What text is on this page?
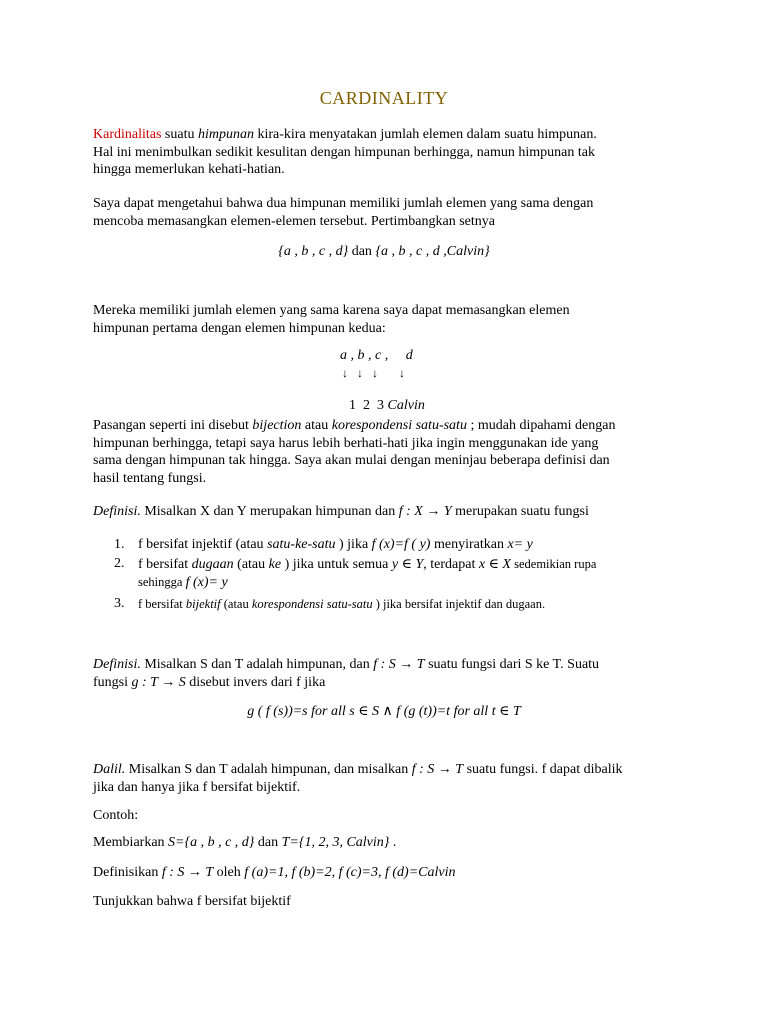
CARDINALITY
Kardinalitas suatu himpunan kira-kira menyatakan jumlah elemen dalam suatu himpunan.
Hal ini menimbulkan sedikit kesulitan dengan himpunan berhingga, namun himpunan tak
hingga memerlukan kehati-hatian.
Saya dapat mengetahui bahwa dua himpunan memiliki jumlah elemen yang sama dengan
mencoba memasangkan elemen-elemen tersebut. Pertimbangkan setnya
{a , b , c , d} dan {a , b , c , d ,Calvin}
Mereka memiliki jumlah elemen yang sama karena saya dapat memasangkan elemen
himpunan pertama dengan elemen himpunan kedua:
a , b , c ,     d
↓   ↓   ↓       ↓

1  2  3 Calvin

Pasangan seperti ini disebut bijection atau korespondensi satu-satu ; mudah dipahami dengan
himpunan berhingga, tetapi saya harus lebih berhati-hati jika ingin menggunakan ide yang
sama dengan himpunan tak hingga. Saya akan mulai dengan meninjau beberapa definisi dan
hasil tentang fungsi.
Definisi. Misalkan X dan Y merupakan himpunan dan f : X → Y merupakan suatu fungsi
1. f bersifat injektif (atau satu-ke-satu ) jika f (x)=f ( y) menyiratkan x= y
2. f bersifat dugaan (atau ke ) jika untuk semua y ∈ Y, terdapat x ∈ X sedemikian rupa
sehingga f (x)= y
3. f bersifat bijektif (atau korespondensi satu-satu ) jika bersifat injektif dan dugaan.
Definisi. Misalkan S dan T adalah himpunan, dan f : S → T suatu fungsi dari S ke T. Suatu
fungsi g : T → S disebut invers dari f jika
g ( f (s))=s for all s ∈ S ∧ f (g (t))=t for all t ∈ T
Dalil. Misalkan S dan T adalah himpunan, dan misalkan f : S → T suatu fungsi. f dapat dibalik
jika dan hanya jika f bersifat bijektif.
Contoh:
Membiarkan S={a , b , c , d} dan T={1, 2, 3, Calvin} .
Definisikan f : S → T oleh f (a)=1, f (b)=2, f (c)=3, f (d)=Calvin
Tunjukkan bahwa f bersifat bijektif
